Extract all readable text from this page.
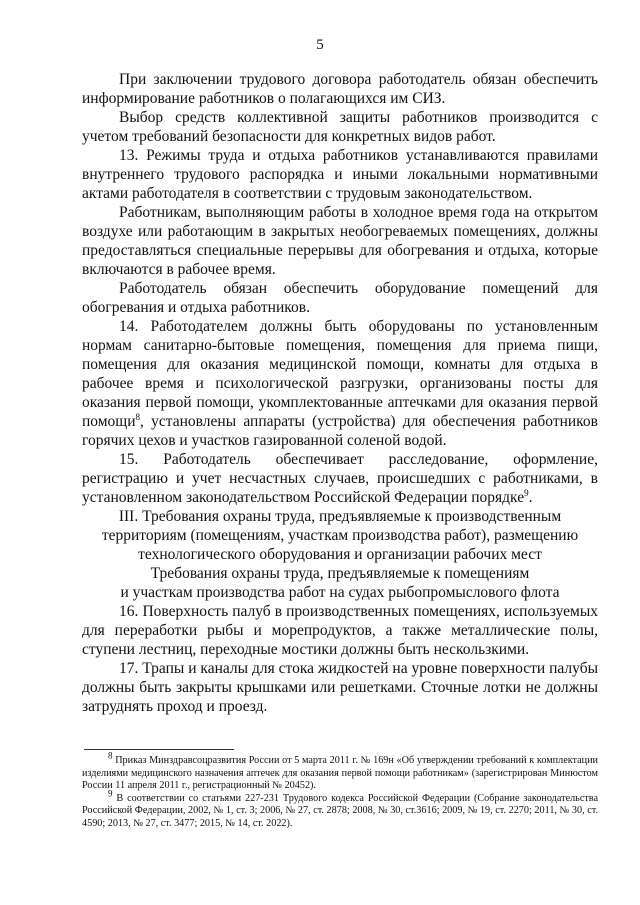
5

При заключении трудового договора работодатель обязан обеспечить информирование работников о полагающихся им СИЗ.

Выбор средств коллективной защиты работников производится с учетом требований безопасности для конкретных видов работ.

13. Режимы труда и отдыха работников устанавливаются правилами внутреннего трудового распорядка и иными локальными нормативными актами работодателя в соответствии с трудовым законодательством.

Работникам, выполняющим работы в холодное время года на открытом воздухе или работающим в закрытых необогреваемых помещениях, должны предоставляться специальные перерывы для обогревания и отдыха, которые включаются в рабочее время.

Работодатель обязан обеспечить оборудование помещений для обогревания и отдыха работников.

14. Работодателем должны быть оборудованы по установленным нормам санитарно-бытовые помещения, помещения для приема пищи, помещения для оказания медицинской помощи, комнаты для отдыха в рабочее время и психологической разгрузки, организованы посты для оказания первой помощи, укомплектованные аптечками для оказания первой помощи$^8$, установлены аппараты (устройства) для обеспечения работников горячих цехов и участков газированной соленой водой.

15. Работодатель обеспечивает расследование, оформление, регистрацию и учет несчастных случаев, происшедших с работниками, в установленном законодательством Российской Федерации порядке$^9$.

III. Требования охраны труда, предъявляемые к производственным
территориям (помещениям, участкам производства работ), размещению
технологического оборудования и организации рабочих мест

Требования охраны труда, предъявляемые к помещениям
и участкам производства работ на судах рыбопромыслового флота

16. Поверхность палуб в производственных помещениях, используемых для переработки рыбы и морепродуктов, а также металлические полы, ступени лестниц, переходные мостики должны быть нескользкими.

17. Трапы и каналы для стока жидкостей на уровне поверхности палубы должны быть закрыты крышками или решетками. Сточные лотки не должны затруднять проход и проезд.

$^8$ Приказ Минздравсоцразвития России от 5 марта 2011 г. № 169н «Об утверждении требований к комплектации изделиями медицинского назначения аптечек для оказания первой помощи работникам» (зарегистрирован Минюстом России 11 апреля 2011 г., регистрационный № 20452).

$^9$ В соответствии со статьями 227-231 Трудового кодекса Российской Федерации (Собрание законодательства Российской Федерации, 2002, № 1, ст. 3; 2006, № 27, ст. 2878; 2008, № 30, ст.3616; 2009, № 19, ст. 2270; 2011, № 30, ст. 4590; 2013, № 27, ст. 3477; 2015, № 14, ст. 2022).
